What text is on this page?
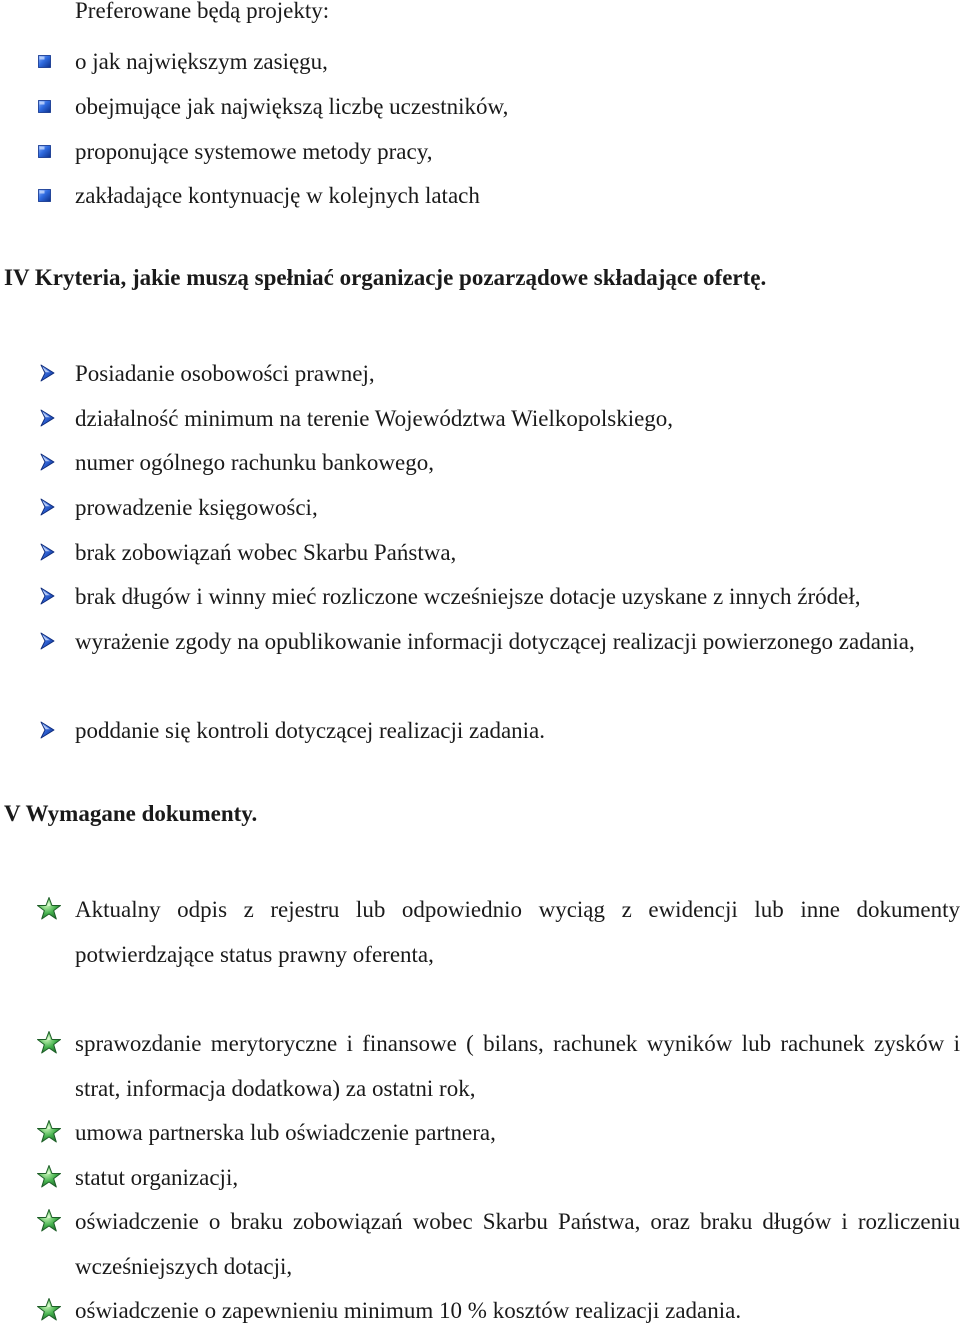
Preferowane będą projekty:
o jak największym zasięgu,
obejmujące jak największą liczbę uczestników,
proponujące systemowe metody pracy,
zakładające kontynuację w kolejnych latach
IV Kryteria, jakie muszą spełniać organizacje pozarządowe składające ofertę.
Posiadanie osobowości prawnej,
działalność minimum na terenie Województwa Wielkopolskiego,
numer ogólnego rachunku bankowego,
prowadzenie księgowości,
brak zobowiązań wobec Skarbu Państwa,
brak długów i winny mieć rozliczone wcześniejsze dotacje uzyskane z innych źródeł,
wyrażenie zgody na opublikowanie informacji dotyczącej realizacji powierzonego zadania,
poddanie się kontroli dotyczącej realizacji zadania.
V Wymagane dokumenty.
Aktualny odpis z rejestru lub odpowiednio wyciąg z ewidencji lub inne dokumenty potwierdzające status prawny oferenta,
sprawozdanie merytoryczne i finansowe ( bilans, rachunek wyników lub rachunek zysków i strat, informacja dodatkowa) za ostatni rok,
umowa partnerska lub oświadczenie partnera,
statut organizacji,
oświadczenie o braku zobowiązań wobec Skarbu Państwa, oraz braku długów i rozliczeniu wcześniejszych dotacji,
oświadczenie o zapewnieniu minimum 10 % kosztów realizacji zadania.
